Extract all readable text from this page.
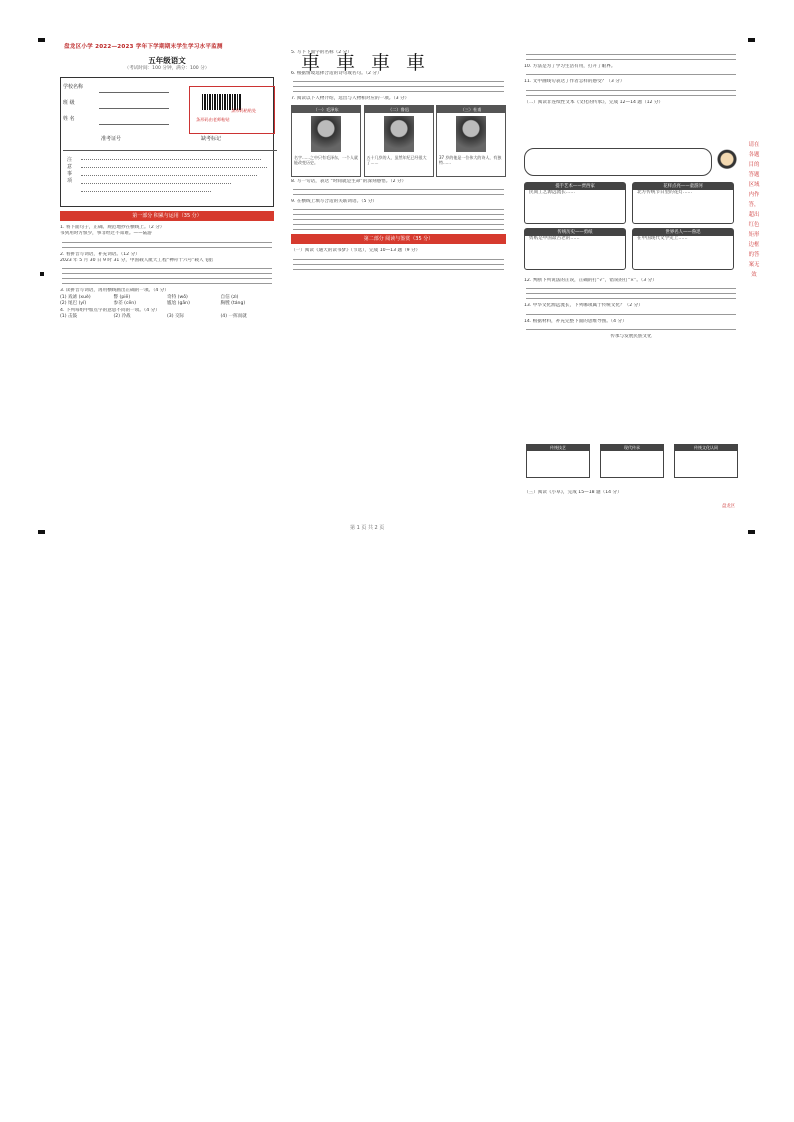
盘龙区小学 2022—2023 学年下学期期末学生学习水平监测
五年级语文
（考试时间：100 分钟，满分：100 分）
学校名称
班 级
姓 名
准考证号
条形码由老师粘贴
条形码粘贴处
缺考标记
注意事项
第一部分 积累与运用（35 分）
1. 将下面句子，正确、规范地抄在横线上。（2 分）
书到用时方恨少，事非经过不知难。——陆游
2. 看拼音写词语，补充词语。（12 分）
2023 年 5 月 30 日 9 时 31 分，中国载人航天工程“神舟十六号”载人飞船
3. 读拼音写词语，再用横线画出正确的一项。（4 分）
(1) 戏谑 (xuè)	瞥 (piē)	奇特 (wǒ)	自信 (zì)
(2) 尾巴 (yǐ)	参差 (cēn)	尴尬 (gān)	胸膛 (táng)
4. 下列每组中加点字的意思不同的一项。（4 分）
(1) 击鼓	(2) 冷战	(3) 交际	(4) 一挥而就
5. 写下下面字的名称（2 分）
車車車車
6. 根据情境选择合适的诗句或名句。（2 分）
7. 阅读以下人物介绍，选出与人物相对应的一项。（3 分）
（一）毛泽东
名字……之中只有毛泽东，一个人就能改变历史。
（二）鲁迅
五十几岁的人，虽然年纪已经很大了……
（三）杜甫
37 岁的他是一位伟大的诗人，有独特……
8. 写一句话，表达 “时间就是生命”的深刻感悟。（2 分）
9. 在横线上填写合适的关联词语。（5 分）
第二部分 阅读与鉴赏（35 分）
（一）阅读《通天的读书梦》（节选），完成 10—13 题（9 分）
10. 方法是为了学习生活有用，打开了眼界。
11. 文中画线句表达了作者怎样的感受？（3 分）
（二）阅读非连续性文本《文化的传承》，完成 12—14 题（12 分）
提手艺术——贾西家
民间工艺源远流长……
花样点亮——童游河
北方传统节日里的花灯……
传统历史——剪纸
剪纸是中国最古老的……
世界名人——鲁迅
在中国现代文学史上……
12. 判断下列说法的正误，正确的打“√”，错误的打“×”。（3 分）
13. 中华文化源远流长，下列哪项属于传统文化？（2 分）
14. 根据材料，补充完整下面的思维导图。（4 分）
传承与发展民族文化
传统技艺	现代传承	传统文化认同
（三）阅读《小草》，完成 15—18 题（14 分）
盘龙区
第 1 页 共 2 页
请在各题目的答题区域内作答，超出红色矩形边框的答案无效
